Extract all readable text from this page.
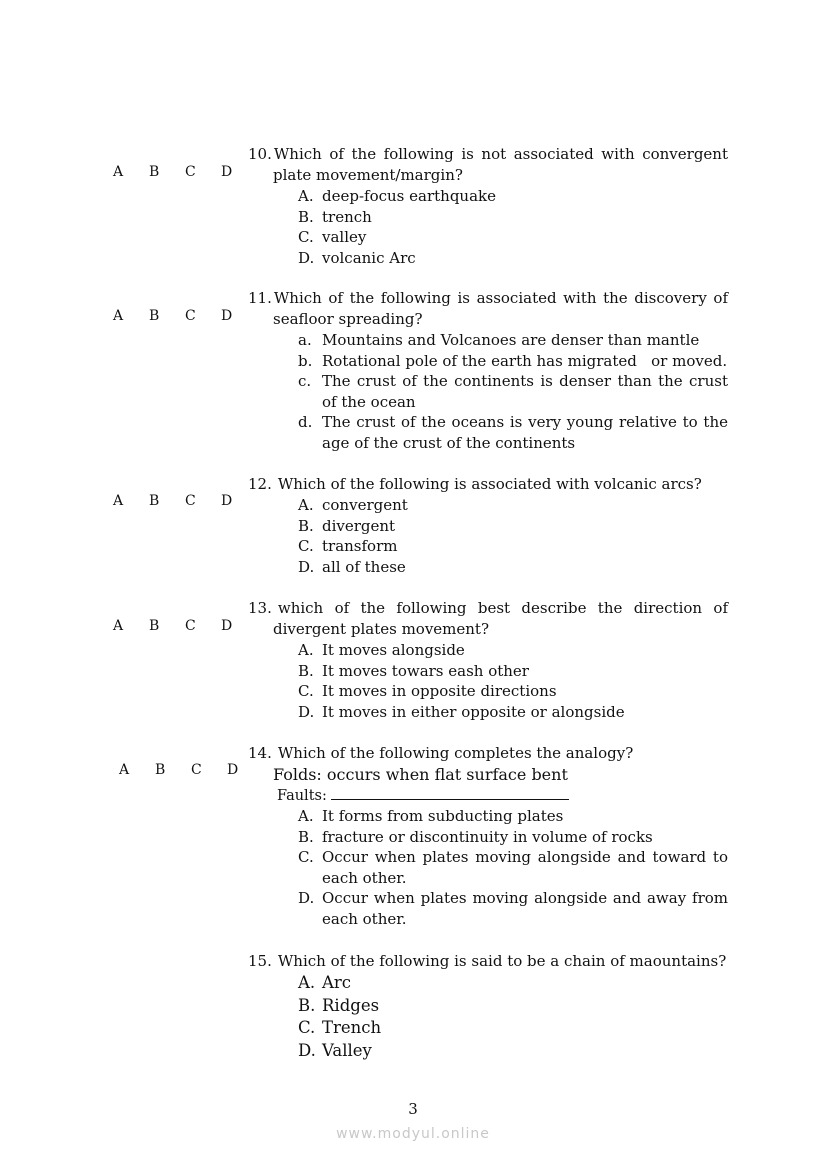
A	B	C	D
10. Which of the following is not associated with convergent
plate movement/margin?
A. deep-focus earthquake
B. trench
C. valley
D. volcanic Arc
A	B	C	D
11. Which of the following is associated with the discovery of
seafloor spreading?
a. Mountains and Volcanoes are denser than mantle
b. Rotational pole of the earth has migrated   or moved.
c. The crust of the continents is denser than the crust of the ocean
d. The crust of the oceans is very young relative to the age of the crust of the continents
A	B	C	D
12. Which of the following is associated with volcanic arcs?
A. convergent
B. divergent
C. transform
D. all of these
A	B	C	D
13. which of the following best describe the direction of
divergent plates movement?
A. It moves alongside
B. It moves towars eash other
C. It moves in opposite directions
D. It moves in either opposite or alongside
A	B	C	D
14. Which of the following completes the analogy?
Folds: occurs when flat surface bent
Faults:
A. It forms from subducting plates
B. fracture or discontinuity in volume of rocks
C. Occur when plates moving alongside and toward to each other.
D. Occur when plates moving alongside and away from each other.
15. Which of the following is said to be a chain of maountains?
A. Arc
B. Ridges
C. Trench
D. Valley
3
www.modyul.online
